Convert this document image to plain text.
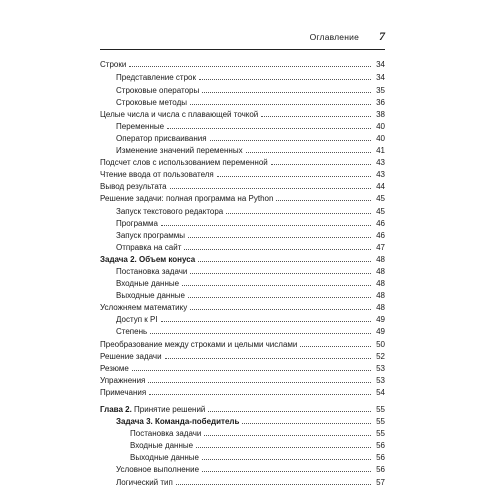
Оглавление 7
Строки	34
Представление строк	34
Строковые операторы	35
Строковые методы	36
Целые числа и числа с плавающей точкой	38
Переменные	40
Оператор присваивания	40
Изменение значений переменных	41
Подсчет слов с использованием переменной	43
Чтение ввода от пользователя	43
Вывод результата	44
Решение задачи: полная программа на Python	45
Запуск текстового редактора	45
Программа	46
Запуск программы	46
Отправка на сайт	47
Задача 2. Объем конуса	48
Постановка задачи	48
Входные данные	48
Выходные данные	48
Усложняем математику	48
Доступ к PI	49
Степень	49
Преобразование между строками и целыми числами	50
Решение задачи	52
Резюме	53
Упражнения	53
Примечания	54
Глава 2. Принятие решений	55
Задача 3. Команда-победитель	55
Постановка задачи	55
Входные данные	56
Выходные данные	56
Условное выполнение	56
Логический тип	57
